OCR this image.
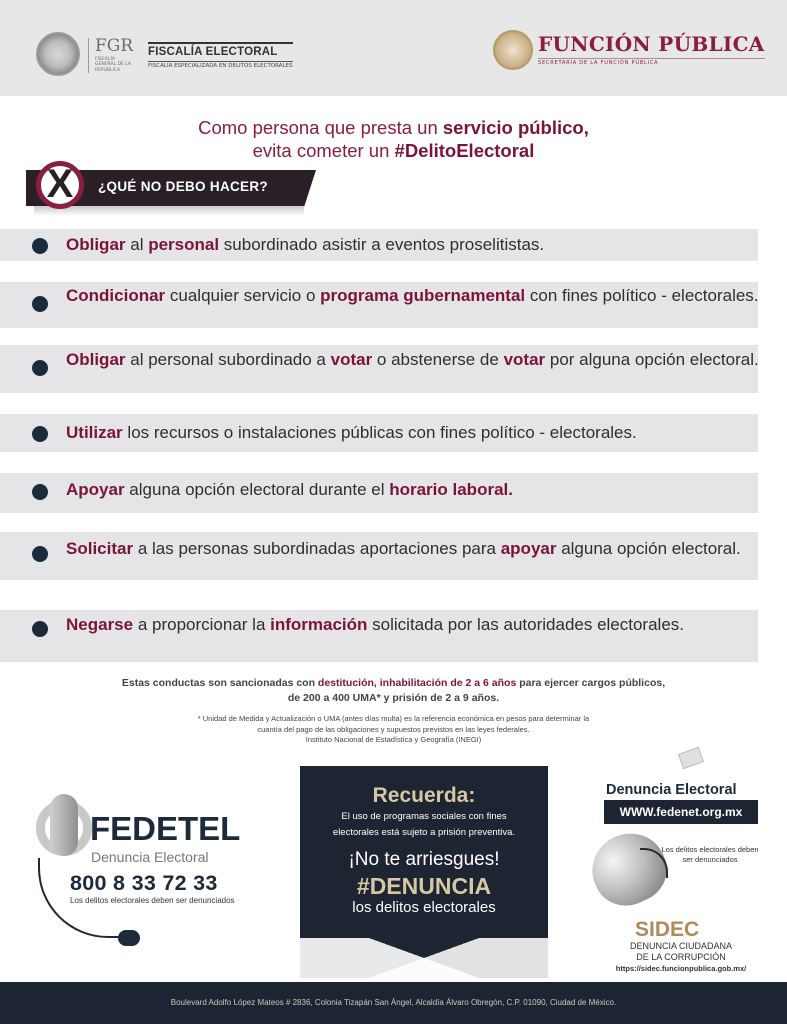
FGR
FISCALÍA GENERAL DE LA REPÚBLICA
FISCALÍA ELECTORAL
FISCALÍA ESPECIALIZADA EN DELITOS ELECTORALES
FUNCIÓN PÚBLICA
SECRETARÍA DE LA FUNCIÓN PÚBLICA
Como persona que presta un servicio público,
evita cometer un #DelitoElectoral
¿QUÉ NO DEBO HACER?
X
Obligar al personal subordinado asistir a eventos proselitistas.
Condicionar cualquier servicio o programa gubernamental con fines político - electorales.
Obligar al personal subordinado a votar o abstenerse de votar por alguna opción electoral.
Utilizar los recursos o instalaciones públicas con fines político - electorales.
Apoyar alguna opción electoral durante el horario laboral.
Solicitar a las personas subordinadas aportaciones para apoyar alguna opción electoral.
Negarse a proporcionar la información solicitada por las autoridades electorales.
Estas conductas son sancionadas con destitución, inhabilitación de 2 a 6 años para ejercer cargos públicos,
de 200 a 400 UMA* y prisión de 2 a 9 años.
* Unidad de Medida y Actualización o UMA (antes días multa) es la referencia económica en pesos para determinar la
cuantía del pago de las obligaciones y supuestos previstos en las leyes federales.
Instituto Nacional de Estadística y Geografía (INEGI)
FEDETEL
Denuncia Electoral
800 8 33 72 33
Los delitos electorales deben ser denunciados
Recuerda:
El uso de programas sociales con fines
electorales está sujeto a prisión preventiva.
¡No te arriesgues!
#DENUNCIA
los delitos electorales
Denuncia Electoral
WWW.fedenet.org.mx
Los delitos electorales deben ser denunciados
SIDEC
DENUNCIA CIUDADANA
DE LA CORRUPCIÓN
https://sidec.funcionpublica.gob.mx/
Boulevard Adolfo López Mateos # 2836, Colonia Tizapán San Ángel, Alcaldía Álvaro Obregón, C.P. 01090, Ciudad de México.
